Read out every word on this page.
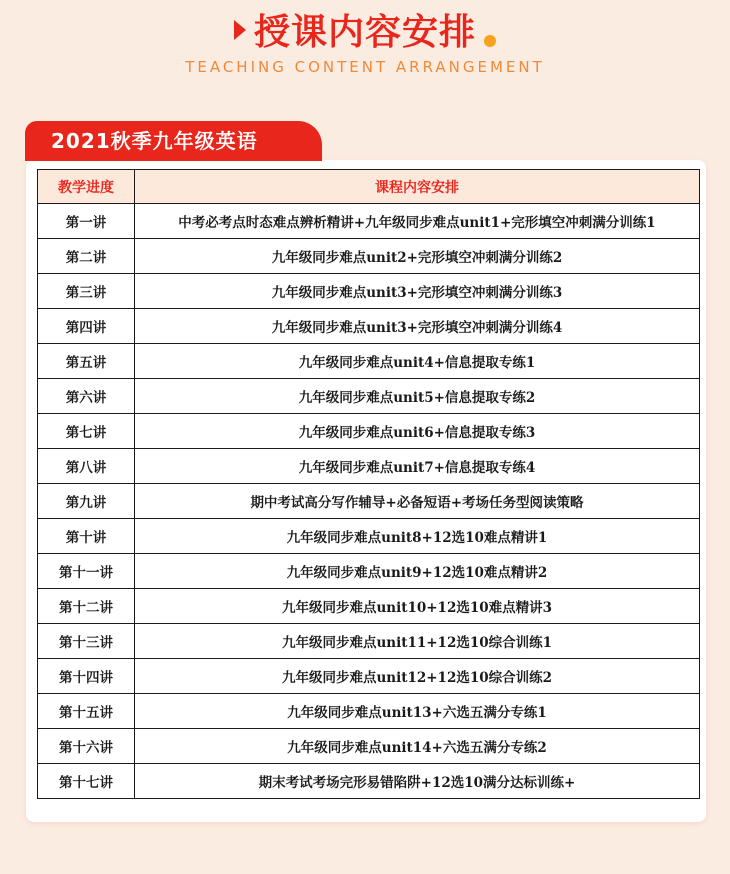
授课内容安排
TEACHING CONTENT ARRANGEMENT
2021秋季九年级英语
教学进度	课程内容安排
第一讲	中考必考点时态难点辨析精讲+九年级同步难点unit1+完形填空冲刺满分训练1
第二讲	九年级同步难点unit2+完形填空冲刺满分训练2
第三讲	九年级同步难点unit3+完形填空冲刺满分训练3
第四讲	九年级同步难点unit3+完形填空冲刺满分训练4
第五讲	九年级同步难点unit4+信息提取专练1
第六讲	九年级同步难点unit5+信息提取专练2
第七讲	九年级同步难点unit6+信息提取专练3
第八讲	九年级同步难点unit7+信息提取专练4
第九讲	期中考试高分写作辅导+必备短语+考场任务型阅读策略
第十讲	九年级同步难点unit8+12选10难点精讲1
第十一讲	九年级同步难点unit9+12选10难点精讲2
第十二讲	九年级同步难点unit10+12选10难点精讲3
第十三讲	九年级同步难点unit11+12选10综合训练1
第十四讲	九年级同步难点unit12+12选10综合训练2
第十五讲	九年级同步难点unit13+六选五满分专练1
第十六讲	九年级同步难点unit14+六选五满分专练2
第十七讲	期末考试考场完形易错陷阱+12选10满分达标训练+
